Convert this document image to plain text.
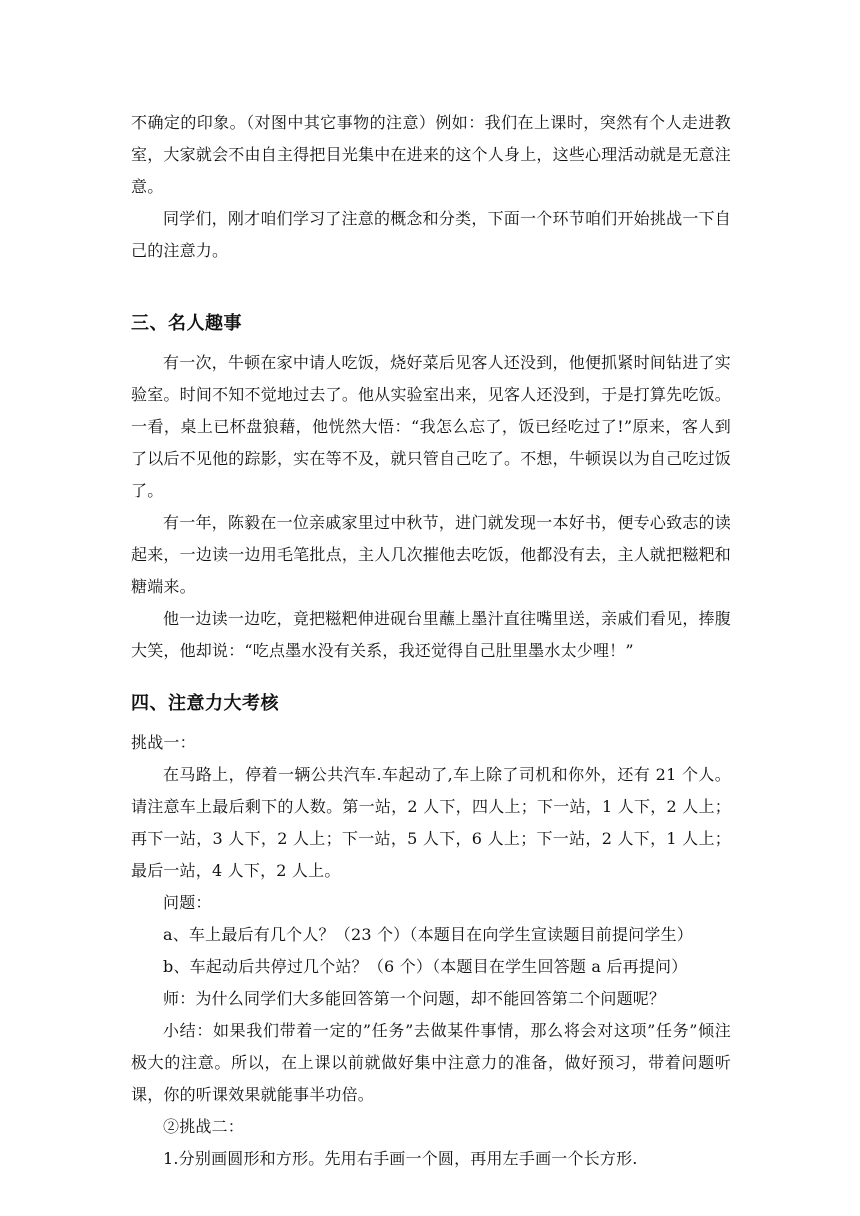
不确定的印象。（对图中其它事物的注意）例如：我们在上课时，突然有个人走进教室，大家就会不由自主得把目光集中在进来的这个人身上，这些心理活动就是无意注意。

同学们，刚才咱们学习了注意的概念和分类，下面一个环节咱们开始挑战一下自己的注意力。

三、名人趣事

有一次，牛顿在家中请人吃饭，烧好菜后见客人还没到，他便抓紧时间钻进了实验室。时间不知不觉地过去了。他从实验室出来，见客人还没到，于是打算先吃饭。一看，桌上已杯盘狼藉，他恍然大悟：“我怎么忘了，饭已经吃过了!”原来，客人到了以后不见他的踪影，实在等不及，就只管自己吃了。不想，牛顿误以为自己吃过饭了。

有一年，陈毅在一位亲戚家里过中秋节，进门就发现一本好书，便专心致志的读起来，一边读一边用毛笔批点，主人几次摧他去吃饭，他都没有去，主人就把糍粑和糖端来。

他一边读一边吃，竟把糍粑伸进砚台里蘸上墨汁直往嘴里送，亲戚们看见，捧腹大笑，他却说：“吃点墨水没有关系，我还觉得自己肚里墨水太少哩！”

四、注意力大考核

挑战一：

在马路上，停着一辆公共汽车.车起动了,车上除了司机和你外，还有 21 个人。请注意车上最后剩下的人数。第一站，2 人下，四人上；下一站，1 人下，2 人上；再下一站，3 人下，2 人上；下一站，5 人下，6 人上；下一站，2 人下，1 人上；最后一站，4 人下，2 人上。

问题：

a、车上最后有几个人？（23 个）（本题目在向学生宣读题目前提问学生）

b、车起动后共停过几个站？（6 个）（本题目在学生回答题 a 后再提问）

师：为什么同学们大多能回答第一个问题，却不能回答第二个问题呢？

小结：如果我们带着一定的”任务”去做某件事情，那么将会对这项”任务”倾注极大的注意。所以，在上课以前就做好集中注意力的准备，做好预习，带着问题听课，你的听课效果就能事半功倍。

②挑战二：

1.分别画圆形和方形。先用右手画一个圆，再用左手画一个长方形.
